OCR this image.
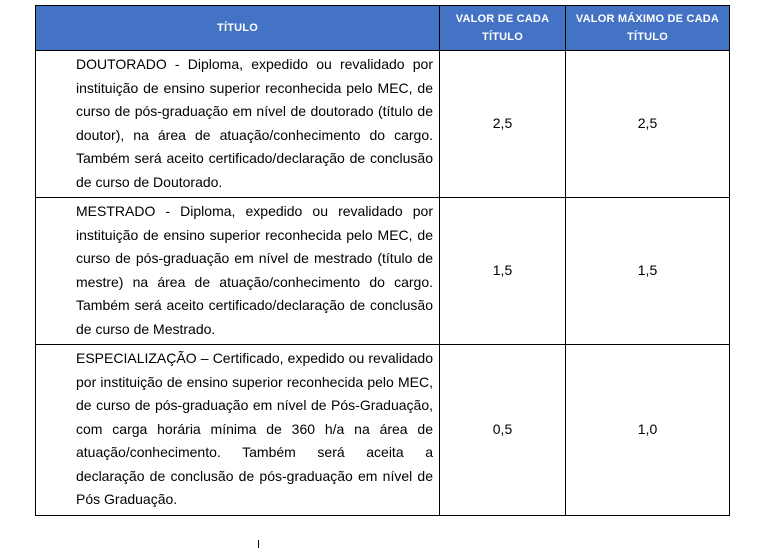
TÍTULO	VALOR DE CADA TÍTULO	VALOR MÁXIMO DE CADA TÍTULO
DOUTORADO - Diploma, expedido ou revalidado por instituição de ensino superior reconhecida pelo MEC, de curso de pós-graduação em nível de doutorado (título de doutor), na área de atuação/conhecimento do cargo. Também será aceito certificado/declaração de conclusão de curso de Doutorado.	2,5	2,5
MESTRADO - Diploma, expedido ou revalidado por instituição de ensino superior reconhecida pelo MEC, de curso de pós-graduação em nível de mestrado (título de mestre) na área de atuação/conhecimento do cargo. Também será aceito certificado/declaração de conclusão de curso de Mestrado.	1,5	1,5
ESPECIALIZAÇÃO – Certificado, expedido ou revalidado por instituição de ensino superior reconhecida pelo MEC, de curso de pós-graduação em nível de Pós-Graduação, com carga horária mínima de 360 h/a na área de atuação/conhecimento. Também será aceita a declaração de conclusão de pós-graduação em nível de Pós Graduação.	0,5	1,0
